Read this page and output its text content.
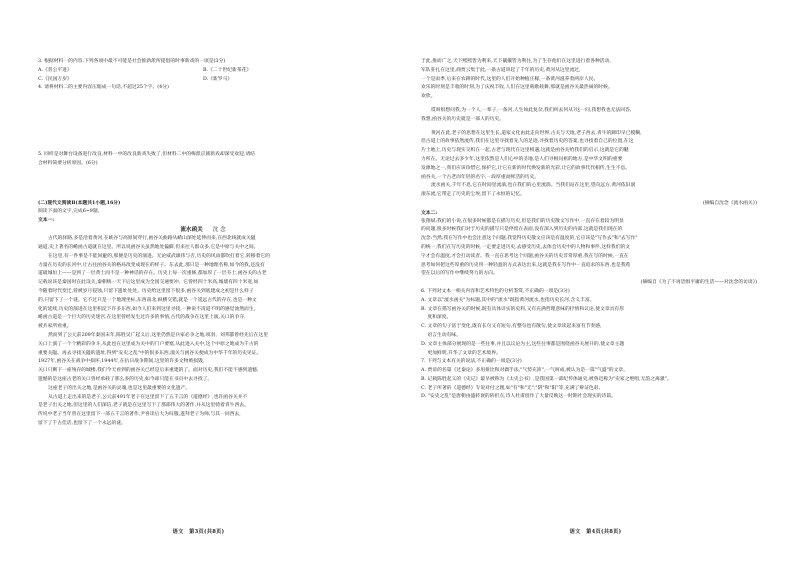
3. 根据材料一的内容,下列各项中最不可能是社会推新派所提倡的时事新戏的一项是(3分)
A.《普公平进》	B.《二十世纪新茶花》
C.《民国万岁》	D.《新罗马》
4. 请将材料二的主要内容压缩成一句话,不超过25个字。(4分)
5. 同样是对舞台设备进行改良,材料一中的改良新戏失败了,但材料二中的梅派京剧新戏却深受欢迎,请结
合材料简要分析原因。(6分)
(二)现代文阅读Ⅱ(本题共1小题,16分)
阅读下面的文字,完成6~9题。
文本一:
流水函关 沈 念
古代的驿路,多是沿着黄河,在峡谷与高原间穿行,函谷关曲路从崤山深处延伸而来,在西北线就成关隘
通道,史上著名的崤函古道就在这里。所以说函谷关虽然地处偏僻,但来往人群众多,它是中原与关中之间。
在这里,有一件事是不能回避的,那便是历史的演进。无论威武雄伟与否,历史的风雨都吹打着它,转移着它的
力量在历史的长河中,让古往函谷关的格局改变成现在的样子。东去此,那只是一种地理名称,如今的我,还没有
道破城垣上——是到了一层黄土而不是一种神话的存在。历史上每一次重修,都加厚了一层夯土,函谷关的古老
记载说该是秦国时在此设关,秦朝统一天下后这里成为全国交通要冲。它曾经四十米高,城墙有四十米宽,如
今随着时代变迁,曾被岁月侵蚀,只留下遗址处处。历史给这里留下很多,函谷关到底建成之初是什么样子
的,只留下了一个谜。它不过只是一个地理坐标,东西南北,纵横交错,就是一个遥远古代的存在,也是一种文
化的延续,历史的演进在这里积淀下许多东西,如今人们来到这里寻找,一种说不清道不明的感觉油然而生。
崤函古道是一个巨大的历史迷宫,在这里曾经发生过许多的事情,古代的战争在这里上演,关口的争夺,
被兵家所看重。
然而到了公元前209年秦国末年,陈胜吴广起义后,这里仍然是兵家必争之地,项羽、刘邦都曾经先后在这里
关口上演了一个个精彩的争斗,从此也在这里成为关中的门户要塞,从此进入关中,这个中原之地成为千古的
重要关隘。再去寻找关隘的遗址,得到"安史之乱"中的很多东西,潼关与函谷关便成为中华千年的历史见证。
1927年,函谷关在战争中损坏,1944年,在抗日战争期间,这里的许多文物被损毁,
关口只剩下一座残存的城楼,我们今天看到的函谷关已经是后来重建的了。面对历史,我们不能不感到遗憾,
遗憾的是这座古老的关口曾经承载了那么多的历史,如今却只能在书页中去寻找了。
这座老子的出关之地,是函谷关的灵魂,也是这里最重要的文化遗产。
从古道上走出来的是老子,公元前491年老子在这里留下了五千言的《道德经》,也许函谷关并不
是老子出关之地,但这里的人们深信,老子就是在这里写下了那部伟大的著作,并从这里骑着青牛西去。
传说中老子当年曾在这里留下一部五千言的著作,尹喜读后大为叹服,遂拜老子为师,与其一同西去,
留下了千古佳话,也留下了一个永远的谜。
语文　第3页(共8页)
于此,推而广之,天下熙熙皆为利来,天下攘攘皆为利往,为了生存他们在这里进行着各种活动,
军队驻扎在这里,商贾云集于此,一条古道串起了千年的历史,黄河从这里流过,
一个是雨季,后来在农耕的时代,这里的人们开始种植庄稼,一条黄河滋养着两岸人民。
欢乐的时刻是丰收的时刻,为了庆祝丰收,人们在这里载歌载舞,那就是函谷关最热闹的时候。
欢欣。
哎呀很想问我,为一个人,一辈子,一条河,人生如此复杂,我们何去何从?这一问,我想我也无法回答,
我想,函谷关的历史就是一部人的历史。
黄河在此,老子的思想在这里生长,道家文化由此走向世界,古关与天地,老子西去,青牛的蹄印早已模糊,
但古道上的故事依然流传,我们在这里寻找着先人的足迹,寻找着历史的答案,也寻找着自己的位置,在这
片土地上,历史与现实交织在一起,古老与现代在这里相遇,这就是函谷关给我们的启示,这就是它的魅
力所在。无论过去多少年,这里依然是人们心中的圣地,是人们寻根问祖的地方,是中华文明的重要
发源地之一,我们应该珍惜它,保护它,让它在新的时代焕发新的光彩,让它的故事代代相传,生生不息。
函谷关,一个古老而年轻的名字,一段厚重而鲜活的历史。
流水函关,千年不息,它在时间里流淌,也在我们的心里流淌。当我们站在这里,望向远方,黄河依旧滚
滚东流,它带走了历史的尘埃,留下了永恒的记忆。
(摘编自沈念《流水函关》)
文本二:
张翔斌:我们的小说,在很多时候都是在描写历史,但是我们的历史散文写作中,一直存在着较为明显
的问题,很多时候我们对于历史的描写只是停留在表面,没有深入到历史的内部,这就是我们现在的
沈念:当然,我在写作中也会注意这个问题,我觉得历史散文应该是有温度的,它应该是"写作去"和"去写作"
的统一,我们在写历史的时候,一定要走进历史,去感受历史,去体会历史中的人物和事件,这样我们的文
字才会有温度,才会打动读者。我一直在思考这个问题,函谷关的历史非常厚重,我在写的时候,一直在
思考如何把这些厚重的历史用一种轻盈的方式表达出来,这就是我在写作中一直追求的东西,也是我希
望在以后的写作中继续努力的方向。
(摘编自《为了不再恐惧平庸的生活——对沈念的访谈》)
6. 下列对文本一相关内容和艺术特色的分析鉴赏,不正确的一项是(3分)
A. 文章以"流水函关"为标题,其中的"流水"既指黄河流水,也指历史长河,含义丰富。
B. 文章在描写函谷关的时候,既有具体详实的史料,又有充满哲理意味的抒情和议论,使文章具有厚
　 度和深度。
C. 文章的句子富于变化,既有长句又有短句,有整句也有散句,使文章读起来富有节奏感,
　 语言生动有味。
D. 文章主体部分展现的是一些往事,并且以议论为主,这些往事都是围绕函谷关展开的,使文章主题
　 更加鲜明,升华了文章的艺术境界。
7. 下列与文本有关的说法,不正确的一项是(3分)
A. 贾谊的名篇《过秦论》多用排比和对偶手法,"气势充沛",一气呵成,被认为是一篇"气盛"的文章。
B. 记载陈胜起义的《史记》最早被称为《太史公书》,是我国第一部纪传体通史,被鲁迅称为"史家之绝唱,无韵之离骚"。
C. 老子所著的《道德经》专说对付之理,如"有"和"无","阴"和"阳"等,充满了辩证色彩。
D. "安史之乱"是唐朝由盛转衰的转折点,诗人杜甫创作了大量反映这一时期社会现实的诗篇。
语文　第4页(共8页)
